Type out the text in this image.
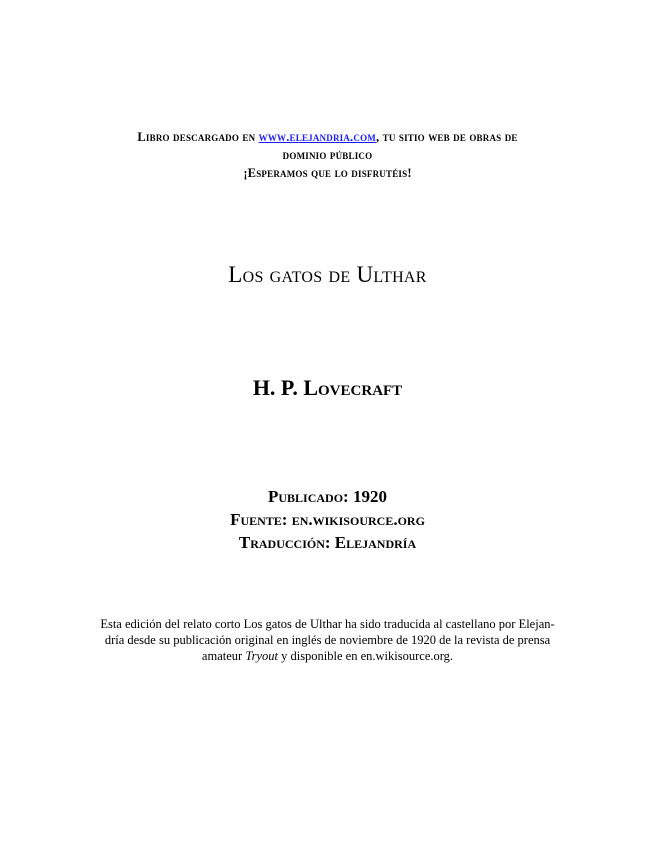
Libro descargado en www.elejandria.com, tu sitio web de obras de
dominio público
¡Esperamos que lo disfrutéis!
Los gatos de Ulthar
H. P. Lovecraft
Publicado: 1920
Fuente: en.wikisource.org
Traducción: Elejandría
Esta edición del relato corto Los gatos de Ulthar ha sido traducida al castellano por Elejan-
dría desde su publicación original en inglés de noviembre de 1920 de la revista de prensa
amateur Tryout y disponible en en.wikisource.org.
